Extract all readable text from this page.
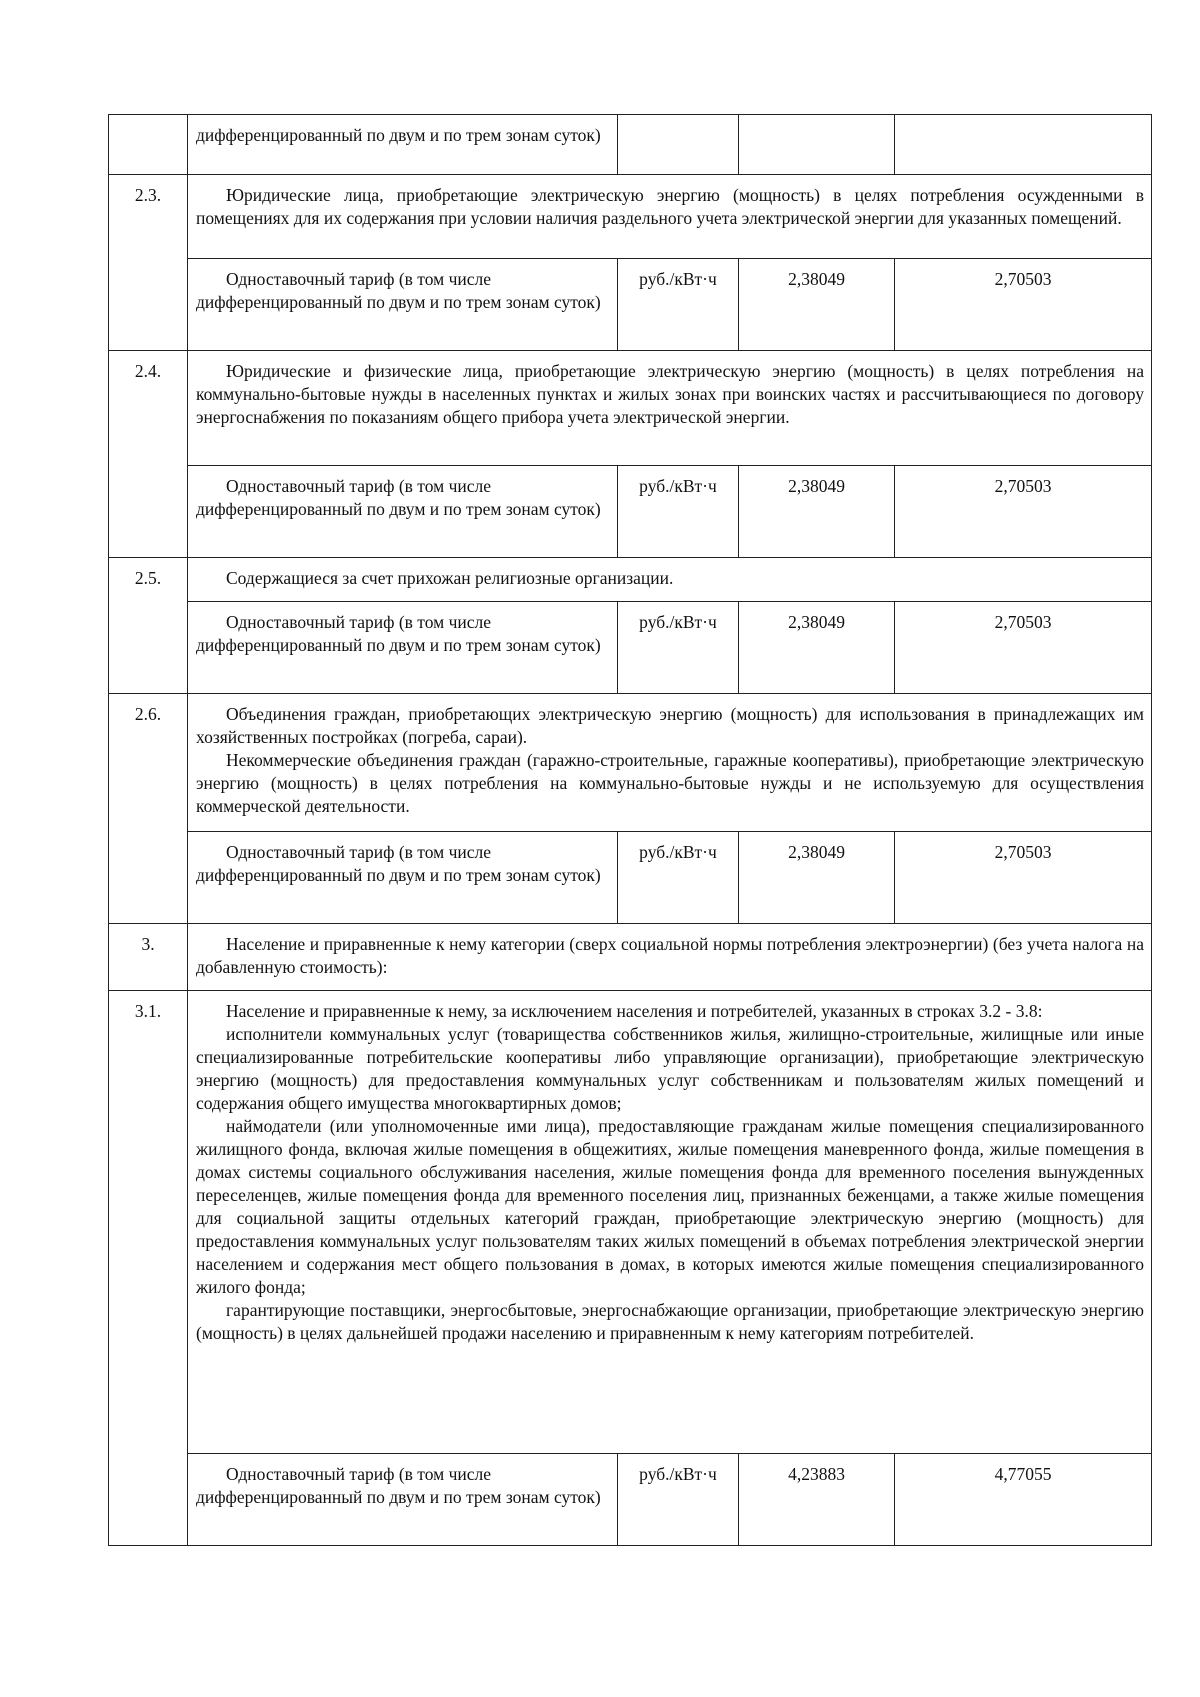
	дифференцированный по двум и по трем зонам суток)			

2.3.	Юридические лица, приобретающие электрическую энергию (мощность) в целях потребления осужденными в помещениях для их содержания при условии наличия раздельного учета электрической энергии для указанных помещений.			

	Одноставочный тариф (в том числе дифференцированный по двум и по трем зонам суток)	руб./кВт·ч	2,38049	2,70503
2.4.	Юридические и физические лица, приобретающие электрическую энергию (мощность) в целях потребления на коммунально-бытовые нужды в населенных пунктах и жилых зонах при воинских частях и рассчитывающиеся по договору энергоснабжения по показаниям общего прибора учета электрической энергии.			

	Одноставочный тариф (в том числе дифференцированный по двум и по трем зонам суток)	руб./кВт·ч	2,38049	2,70503
2.5.	Содержащиеся за счет прихожан религиозные организации.			

	Одноставочный тариф (в том числе дифференцированный по двум и по трем зонам суток)	руб./кВт·ч	2,38049	2,70503
2.6.	Объединения граждан, приобретающих электрическую энергию (мощность) для использования в принадлежащих им хозяйственных постройках (погреба, сараи).

Некоммерческие объединения граждан (гаражно-строительные, гаражные кооперативы), приобретающие электрическую энергию (мощность) в целях потребления на коммунально-бытовые нужды и не используемую для осуществления коммерческой деятельности.			

	Одноставочный тариф (в том числе дифференцированный по двум и по трем зонам суток)	руб./кВт·ч	2,38049	2,70503
3.	Население и приравненные к нему категории (сверх социальной нормы потребления электроэнергии) (без учета налога на добавленную стоимость):			

3.1.	Население и приравненные к нему, за исключением населения и потребителей, указанных в строках 3.2 - 3.8:

исполнители коммунальных услуг (товарищества собственников жилья, жилищно-строительные, жилищные или иные специализированные потребительские кооперативы либо управляющие организации), приобретающие электрическую энергию (мощность) для предоставления коммунальных услуг собственникам и пользователям жилых помещений и содержания общего имущества многоквартирных домов;

наймодатели (или уполномоченные ими лица), предоставляющие гражданам жилые помещения специализированного жилищного фонда, включая жилые помещения в общежитиях, жилые помещения маневренного фонда, жилые помещения в домах системы социального обслуживания населения, жилые помещения фонда для временного поселения вынужденных переселенцев, жилые помещения фонда для временного поселения лиц, признанных беженцами, а также жилые помещения для социальной защиты отдельных категорий граждан, приобретающие электрическую энергию (мощность) для предоставления коммунальных услуг пользователям таких жилых помещений в объемах потребления электрической энергии населением и содержания мест общего пользования в домах, в которых имеются жилые помещения специализированного жилого фонда;

гарантирующие поставщики, энергосбытовые, энергоснабжающие организации, приобретающие электрическую энергию (мощность) в целях дальнейшей продажи населению и приравненным к нему категориям потребителей.			

	Одноставочный тариф (в том числе дифференцированный по двум и по трем зонам суток)	руб./кВт·ч	4,23883	4,77055
